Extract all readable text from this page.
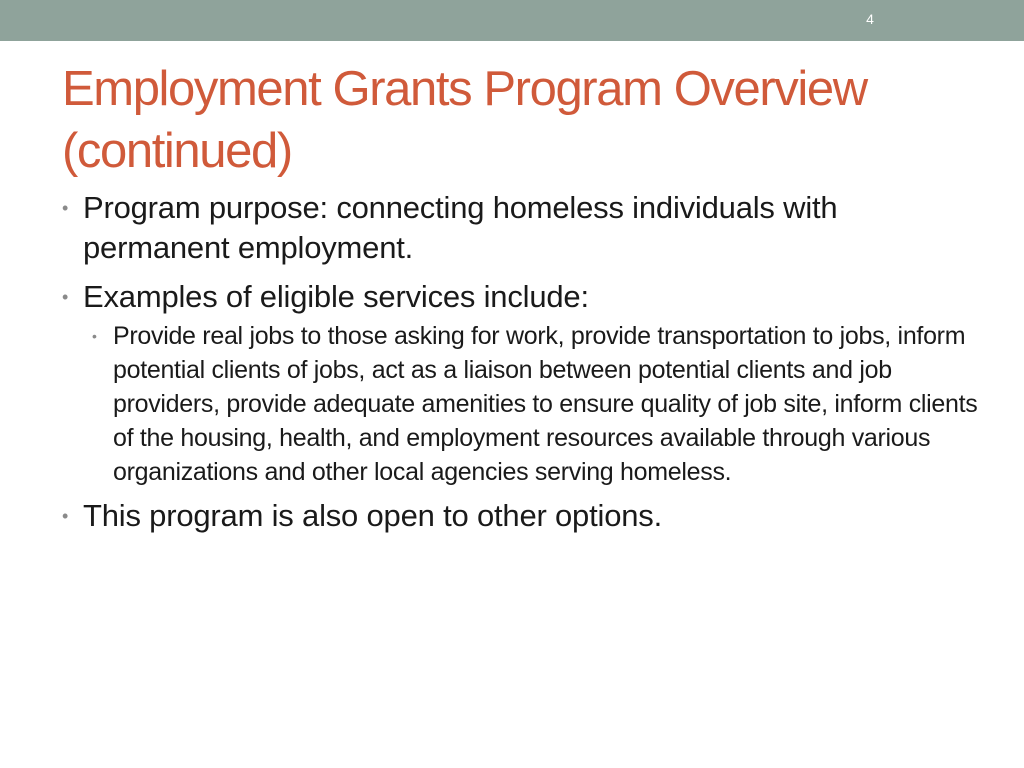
4
Employment Grants Program Overview
(continued)

• Program purpose: connecting homeless individuals with permanent employment.

• Examples of eligible services include:

• Provide real jobs to those asking for work, provide transportation to jobs, inform potential clients of jobs, act as a liaison between potential clients and job providers, provide adequate amenities to ensure quality of job site, inform clients of the housing, health, and employment resources available through various organizations and other local agencies serving homeless.

• This program is also open to other options.
